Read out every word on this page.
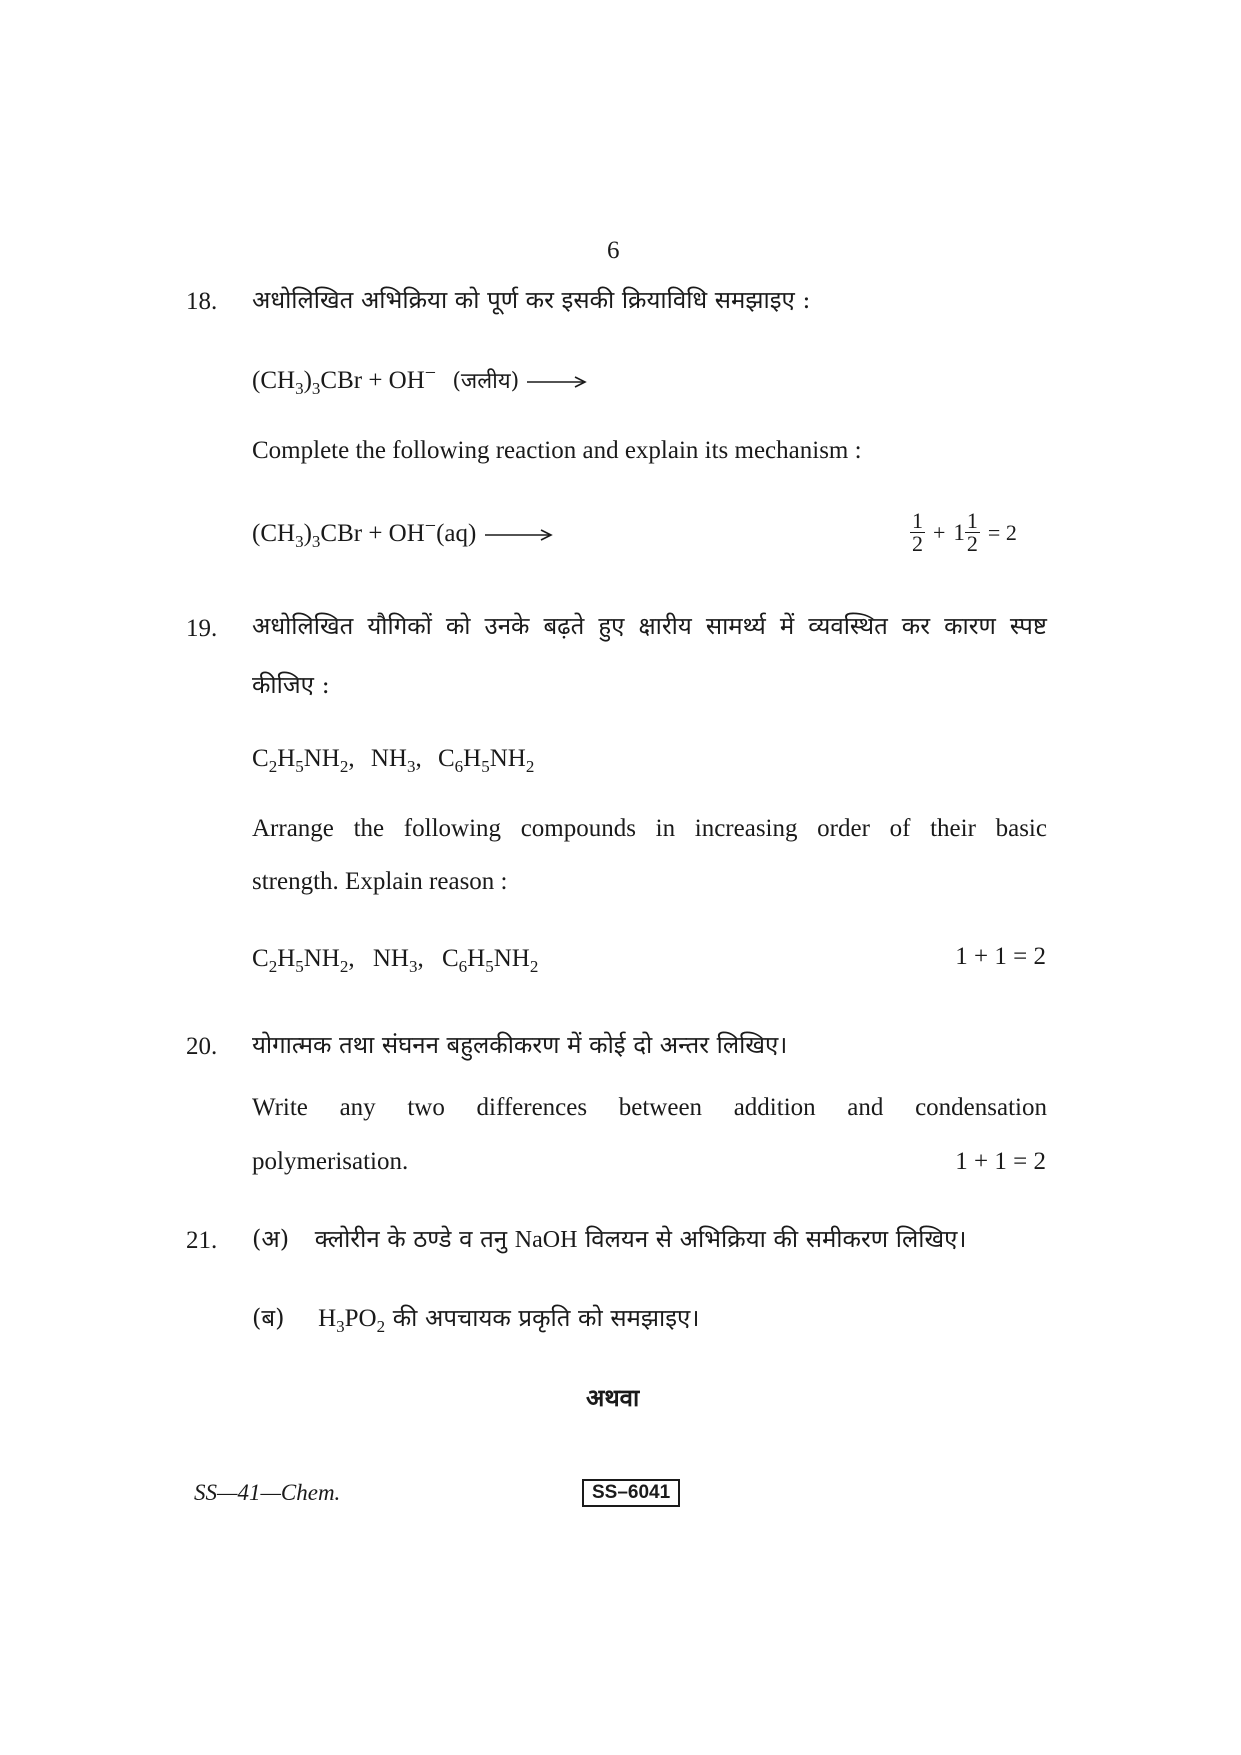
6
18. अधोलिखित अभिक्रिया को पूर्ण कर इसकी क्रियाविधि समझाइए :
$(CH_3)_3CBr + OH^-$ (जलीय) →
Complete the following reaction and explain its mechanism :
$(CH_3)_3CBr + OH^-(aq)$ →	$\frac{1}{2} + 1 \frac{1}{2} = 2$
19. अधोलिखित यौगिकों को उनके बढ़ते हुए क्षारीय सामर्थ्य में व्यवस्थित कर कारण स्पष्ट
कीजिए :
$C_2H_5NH_2$, $NH_3$, $C_6H_5NH_2$
Arrange the following compounds in increasing order of their basic
strength. Explain reason :
$C_2H_5NH_2$, $NH_3$, $C_6H_5NH_2$	1 + 1 = 2
20. योगात्मक तथा संघनन बहुलकीकरण में कोई दो अन्तर लिखिए।
Write any two differences between addition and condensation
polymerisation.	1 + 1 = 2
21. (अ) क्लोरीन के ठण्डे व तनु NaOH विलयन से अभिक्रिया की समीकरण लिखिए।
(ब) $H_3PO_2$ की अपचायक प्रकृति को समझाइए।
अथवा
SS—41—Chem.	SS–6041
